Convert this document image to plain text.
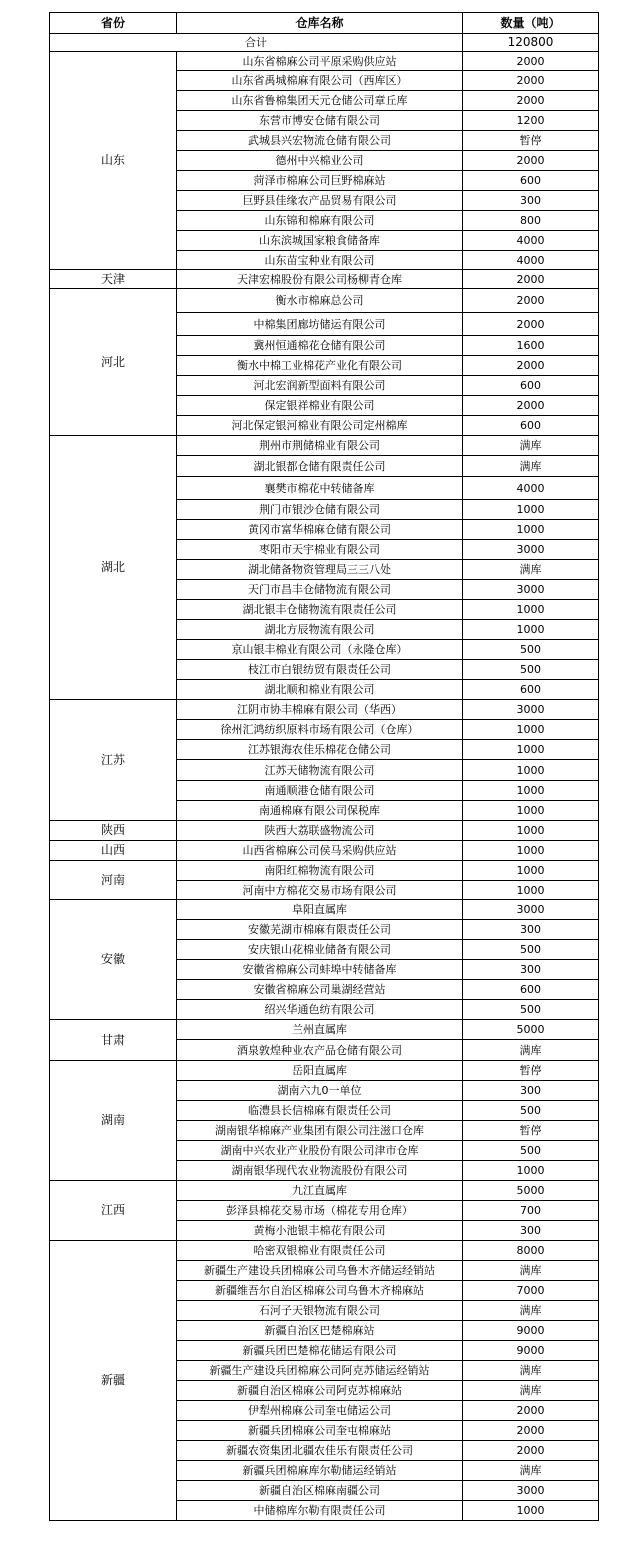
省份	仓库名称	数量（吨）
合计		120800
山东	山东省棉麻公司平原采购供应站	2000
	山东省禹城棉麻有限公司（西库区）	2000
	山东省鲁棉集团天元仓储公司章丘库	2000
	东营市博安仓储有限公司	1200
	武城县兴宏物流仓储有限公司	暂停
	德州中兴棉业公司	2000
	菏泽市棉麻公司巨野棉麻站	600
	巨野县佳缘农产品贸易有限公司	300
	山东锦和棉麻有限公司	800
	山东滨城国家粮食储备库	4000
	山东苗宝种业有限公司	4000
天津	天津宏棉股份有限公司杨柳青仓库	2000
河北	衡水市棉麻总公司	2000
	中棉集团廊坊储运有限公司	2000
	冀州恒通棉花仓储有限公司	1600
	衡水中棉工业棉花产业化有限公司	2000
	河北宏润新型面料有限公司	600
	保定银祥棉业有限公司	2000
	河北保定银河棉业有限公司定州棉库	600
湖北	荆州市荆储棉业有限公司	满库
	湖北银都仓储有限责任公司	满库
	襄樊市棉花中转储备库	4000
	荆门市银沙仓储有限公司	1000
	黄冈市富华棉麻仓储有限公司	1000
	枣阳市天宇棉业有限公司	3000
	湖北储备物资管理局三三八处	满库
	天门市昌丰仓储物流有限公司	3000
	湖北银丰仓储物流有限责任公司	1000
	湖北方辰物流有限公司	1000
	京山银丰棉业有限公司（永隆仓库）	500
	枝江市白银纺贸有限责任公司	500
	湖北顺和棉业有限公司	600
江苏	江阴市协丰棉麻有限公司（华西）	3000
	徐州汇鸿纺织原料市场有限公司（仓库）	1000
	江苏银海农佳乐棉花仓储公司	1000
	江苏天储物流有限公司	1000
	南通顺港仓储有限公司	1000
	南通棉麻有限公司保税库	1000
陕西	陕西大荔联盛物流公司	1000
山西	山西省棉麻公司侯马采购供应站	1000
河南	南阳红棉物流有限公司	1000
	河南中方棉花交易市场有限公司	1000
安徽	阜阳直属库	3000
	安徽芜湖市棉麻有限责任公司	300
	安庆银山花棉业储备有限公司	500
	安徽省棉麻公司蚌埠中转储备库	300
	安徽省棉麻公司巢湖经营站	600
	绍兴华通色纺有限公司	500
甘肃	兰州直属库	5000
	酒泉敦煌种业农产品仓储有限公司	满库
湖南	岳阳直属库	暂停
	湖南六九0一单位	300
	临澧县长信棉麻有限责任公司	500
	湖南银华棉麻产业集团有限公司注滋口仓库	暂停
	湖南中兴农业产业股份有限公司津市仓库	500
	湖南银华现代农业物流股份有限公司	1000
江西	九江直属库	5000
	彭泽县棉花交易市场（棉花专用仓库）	700
	黄梅小池银丰棉花有限公司	300
新疆	哈密双银棉业有限责任公司	8000
	新疆生产建设兵团棉麻公司乌鲁木齐储运经销站	满库
	新疆维吾尔自治区棉麻公司乌鲁木齐棉麻站	7000
	石河子天银物流有限公司	满库
	新疆自治区巴楚棉麻站	9000
	新疆兵团巴楚棉花储运有限公司	9000
	新疆生产建设兵团棉麻公司阿克苏储运经销站	满库
	新疆自治区棉麻公司阿克苏棉麻站	满库
	伊犁州棉麻公司奎屯储运公司	2000
	新疆兵团棉麻公司奎屯棉麻站	2000
	新疆农资集团北疆农佳乐有限责任公司	2000
	新疆兵团棉麻库尔勒储运经销站	满库
	新疆自治区棉麻南疆公司	3000
	中储棉库尔勒有限责任公司	1000
